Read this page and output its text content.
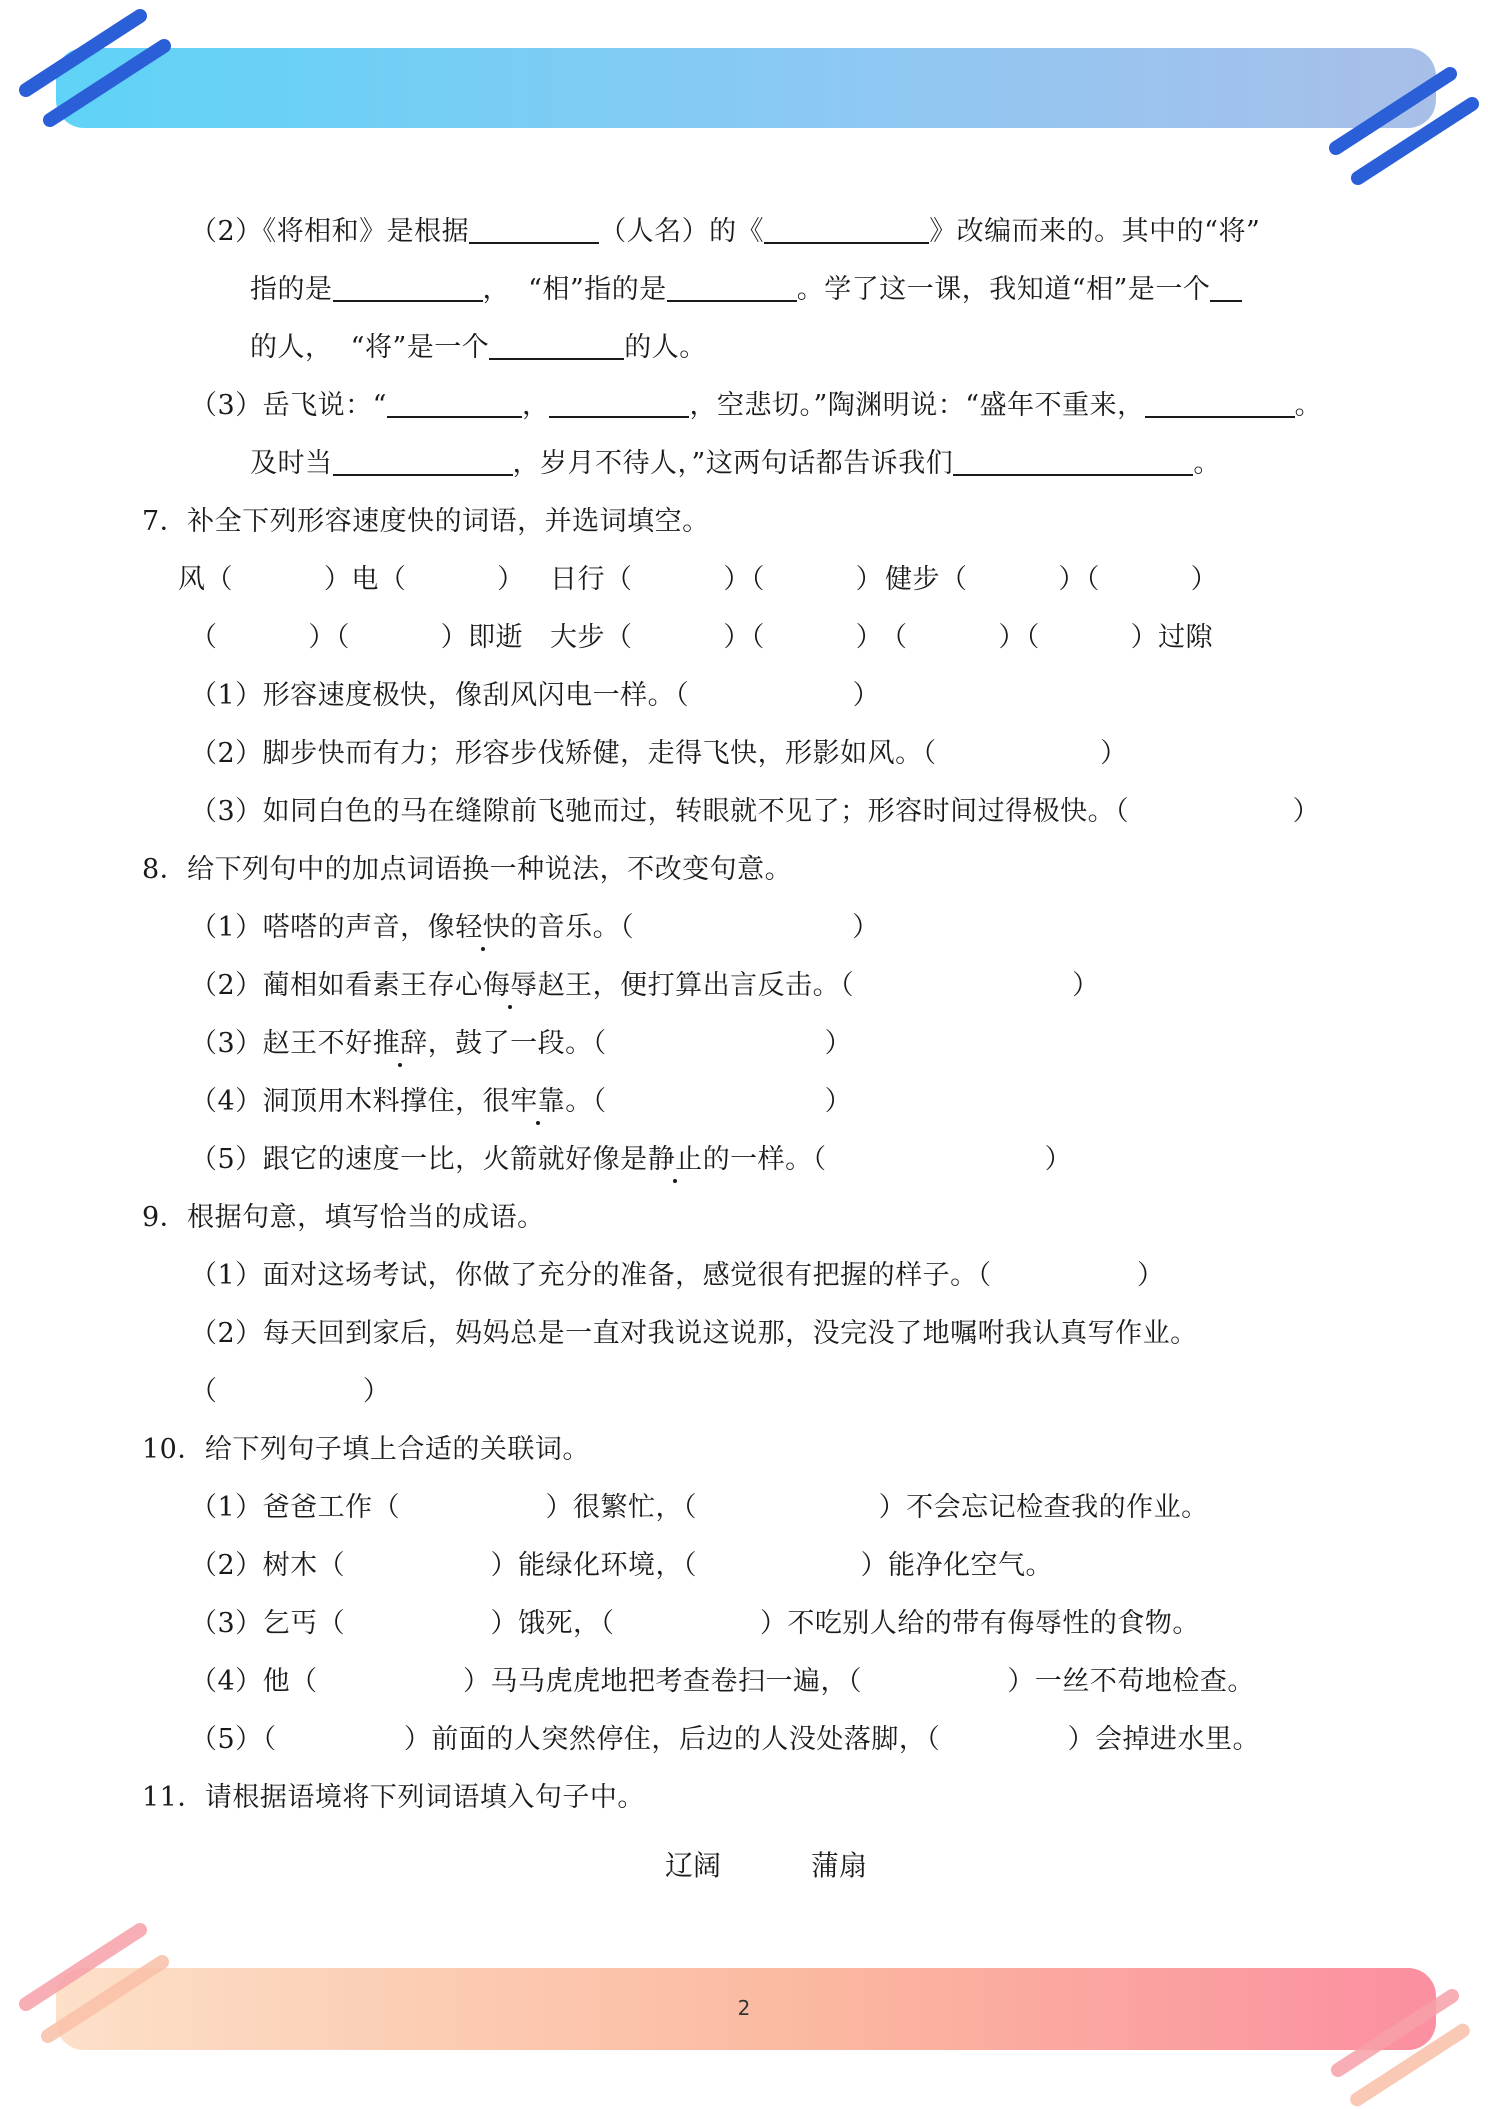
2
（2）《将相和》是根据	（人名）的《	》改编而来的。其中的“将”
指的是	， “相”指的是	。学了这一课，我知道“相”是一个
的人， “将”是一个	的人。
（3）岳飞说：“	，	，空悲切。”陶渊明说：“盛年不重来，	。
及时当	，岁月不待人，”这两句话都告诉我们	。
7．补全下列形容速度快的词语，并选词填空。
风（          ）电（          ） 日行（          ）（          ） 健步（          ）（          ）
（          ）（          ）即逝 大步（          ）（          ）
（          ）（          ）过隙
（1）形容速度极快，像刮风闪电一样。（                  ）
（2）脚步快而有力；形容步伐矫健，走得飞快，形影如风。（                  ）
（3）如同白色的马在缝隙前飞驰而过，转眼就不见了；形容时间过得极快。（                  ）
8．给下列句中的加点词语换一种说法，不改变句意。
（1）嗒嗒的声音，像轻快的音乐。（                        ）
（2）蔺相如看素王存心侮辱赵王，便打算出言反击。（                        ）
（3）赵王不好推辞，鼓了一段。（                        ）
（4）洞顶用木料撑住，很牢靠。（                        ）
（5）跟它的速度一比，火箭就好像是静止的一样。（                        ）
9．根据句意，填写恰当的成语。
（1）面对这场考试，你做了充分的准备，感觉很有把握的样子。（                ）
（2）每天回到家后，妈妈总是一直对我说这说那，没完没了地嘱咐我认真写作业。
（                ）
10．给下列句子填上合适的关联词。
（1）爸爸工作（                ）很繁忙，（                    ）不会忘记检查我的作业。
（2）树木（                ）能绿化环境，（                  ）能净化空气。
（3）乞丐（                ）饿死，（                ）不吃别人给的带有侮辱性的食物。
（4）他（                ）马马虎虎地把考查卷扫一遍，（                ）一丝不苟地检查。
（5）（              ）前面的人突然停住，后边的人没处落脚，（              ）会掉进水里。
11．请根据语境将下列词语填入句子中。
辽阔	蒲扇
